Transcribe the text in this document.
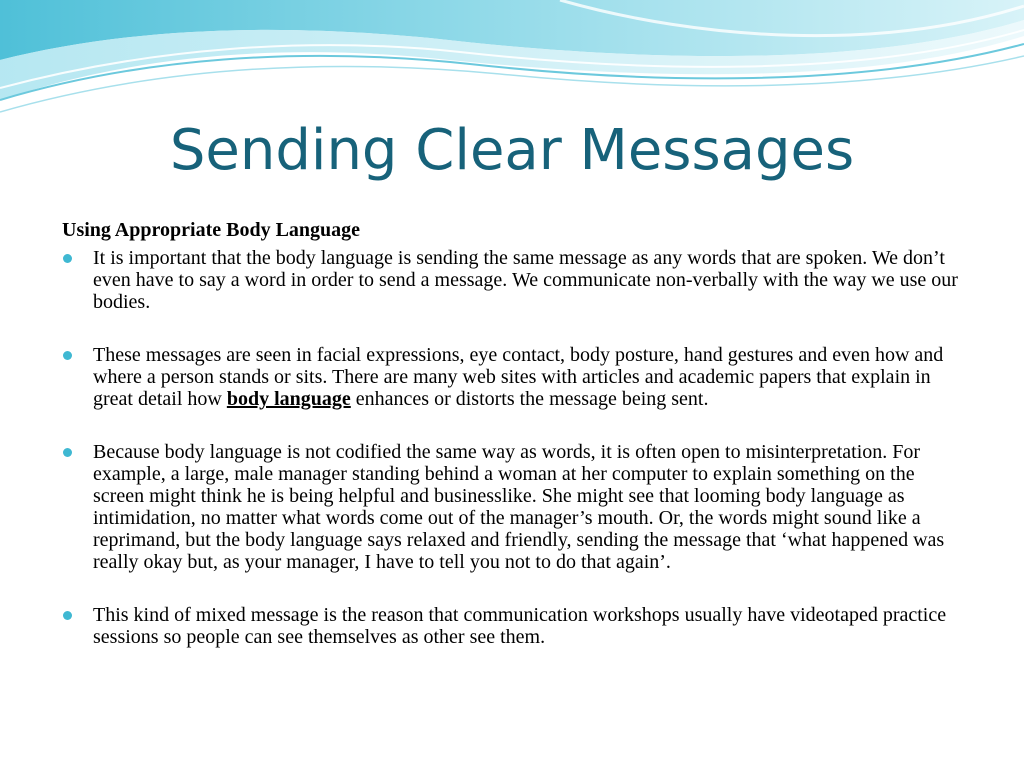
Sending Clear Messages
Using Appropriate Body Language
It is important that the body language is sending the same message as any words that are spoken. We don’t even have to say a word in order to send a message. We communicate non-verbally with the way we use our bodies.
These messages are seen in facial expressions, eye contact, body posture, hand gestures and even how and where a person stands or sits. There are many web sites with articles and academic papers that explain in great detail how body language enhances or distorts the message being sent.
Because body language is not codified the same way as words, it is often open to misinterpretation. For example, a large, male manager standing behind a woman at her computer to explain something on the screen might think he is being helpful and businesslike. She might see that looming body language as intimidation, no matter what words come out of the manager’s mouth. Or, the words might sound like a reprimand, but the body language says relaxed and friendly, sending the message that ‘what happened was really okay but, as your manager, I have to tell you not to do that again’.
This kind of mixed message is the reason that communication workshops usually have videotaped practice sessions so people can see themselves as other see them.
